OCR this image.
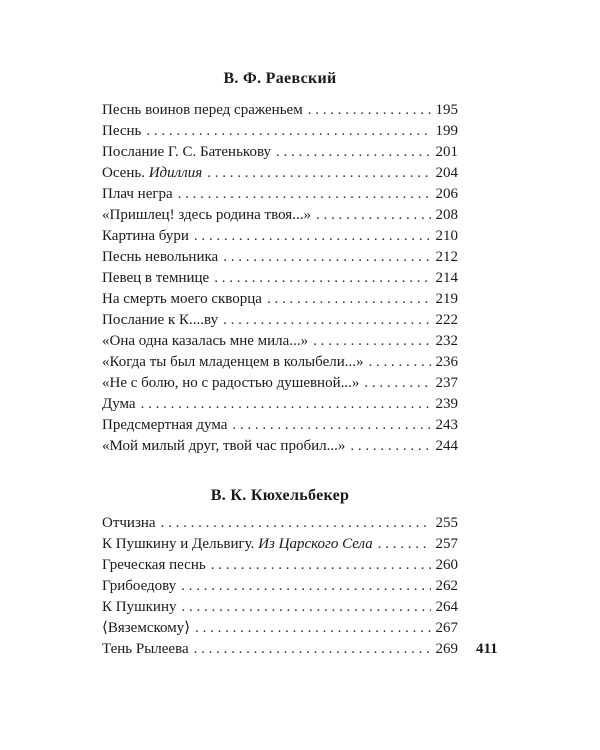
В. Ф. Раевский
Песнь воинов перед сраженьем . . .	195
Песнь . . .	199
Послание Г. С. Батенькову . . .	201
Осень. Идиллия . . .	204
Плач негра . . .	206
«Пришлец! здесь родина твоя...» . . .	208
Картина бури . . .	210
Песнь невольника . . .	212
Певец в темнице . . .	214
На смерть моего скворца . . .	219
Послание к К....ву . . .	222
«Она одна казалась мне мила...» . . .	232
«Когда ты был младенцем в колыбели...» . . .	236
«Не с болю, но с радостью душевной...» . . .	237
Дума . . .	239
Предсмертная дума . . .	243
«Мой милый друг, твой час пробил...» . . .	244
В. К. Кюхельбекер
Отчизна . . .	255
К Пушкину и Дельвигу. Из Царского Села . . .	257
Греческая песнь . . .	260
Грибоедову . . .	262
К Пушкину . . .	264
⟨Вяземскому⟩ . . .	267
Тень Рылеева . . .	269 411
